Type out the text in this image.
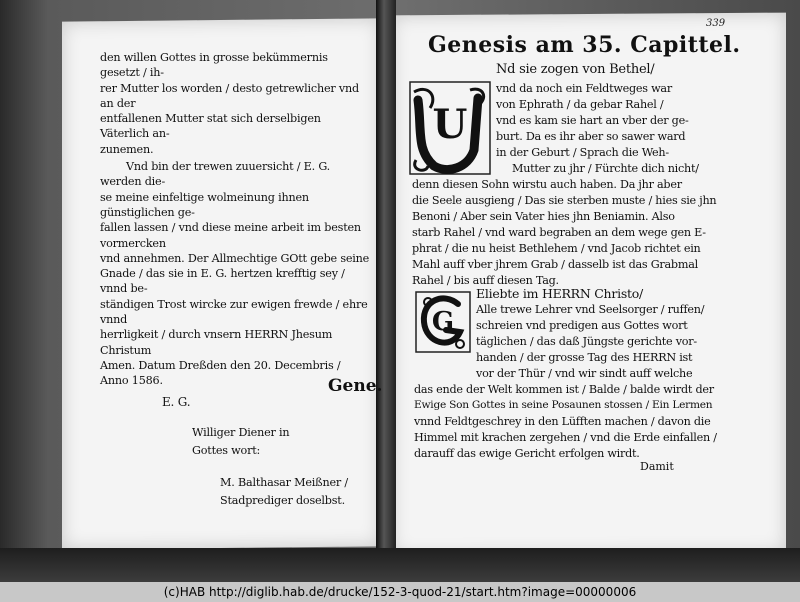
den willen Gottes in grosse bekümmernis gesetzt / ih-

rer Mutter los worden / desto getrewlicher vnd an der

entfallenen Mutter stat sich derselbigen Väterlich an-

zunemen.

Vnd bin der trewen zuuersicht / E. G. werden die-

se meine einfeltige wolmeinung ihnen günstiglichen ge-

fallen lassen / vnd diese meine arbeit im besten vormercken

vnd annehmen. Der Allmechtige GOtt gebe seine

Gnade / das sie in E. G. hertzen krefftig sey / vnnd be-

ständigen Trost wircke zur ewigen frewde / ehre vnnd

herrligkeit / durch vnsern HERRN Jhesum Christum

Amen. Datum Dreßden den 20. Decembris /

Anno 1586.

E. G.

Williger Diener in
Gottes wort:
M. Balthasar Meißner /
Stadprediger doselbst.
Gene.
339
Genesis am 35. Capittel.
U
Nd sie zogen von Bethel/
vnd da noch ein Feldtweges war
von Ephrath / da gebar Rahel /
vnd es kam sie hart an vber der ge-
burt. Da es ihr aber so sawer ward
in der Geburt / Sprach die Weh-
Mutter zu jhr / Fürchte dich nicht/
denn diesen Sohn wirstu auch haben. Da jhr aber
die Seele ausgieng / Das sie sterben muste / hies sie jhn
Benoni / Aber sein Vater hies jhn Beniamin. Also
starb Rahel / vnd ward begraben an dem wege gen E-
phrat / die nu heist Bethlehem / vnd Jacob richtet ein
Mahl auff vber jhrem Grab / dasselb ist das Grabmal
Rahel / bis auff diesen Tag.
G
Eliebte im HERRN Christo/
Alle trewe Lehrer vnd Seelsorger / ruffen/
schreien vnd predigen aus Gottes wort
täglichen / das daß Jüngste gerichte vor-
handen / der grosse Tag des HERRN ist
vor der Thür / vnd wir sindt auff welche
das ende der Welt kommen ist / Balde / balde wirdt der
Ewige Son Gottes in seine Posaunen stossen / Ein Lermen
vnnd Feldtgeschrey in den Lüfften machen / davon die
Himmel mit krachen zergehen / vnd die Erde einfallen /
darauff das ewige Gericht erfolgen wirdt.
Damit
(c)HAB http://diglib.hab.de/drucke/152-3-quod-21/start.htm?image=00000006
